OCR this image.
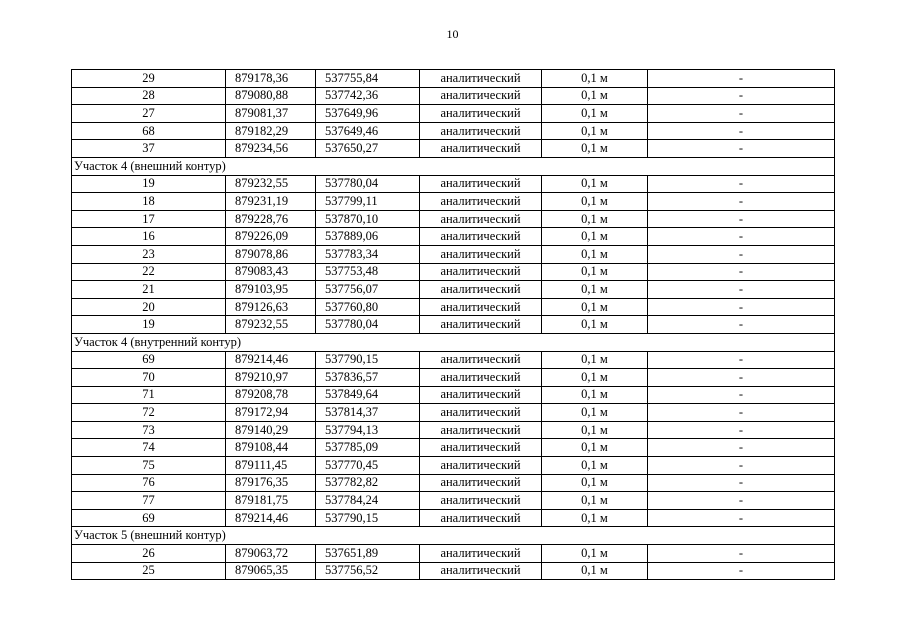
10
29	879178,36	537755,84	аналитический	0,1 м	-
28	879080,88	537742,36	аналитический	0,1 м	-
27	879081,37	537649,96	аналитический	0,1 м	-
68	879182,29	537649,46	аналитический	0,1 м	-
37	879234,56	537650,27	аналитический	0,1 м	-
Участок 4 (внешний контур)					
19	879232,55	537780,04	аналитический	0,1 м	-
18	879231,19	537799,11	аналитический	0,1 м	-
17	879228,76	537870,10	аналитический	0,1 м	-
16	879226,09	537889,06	аналитический	0,1 м	-
23	879078,86	537783,34	аналитический	0,1 м	-
22	879083,43	537753,48	аналитический	0,1 м	-
21	879103,95	537756,07	аналитический	0,1 м	-
20	879126,63	537760,80	аналитический	0,1 м	-
19	879232,55	537780,04	аналитический	0,1 м	-
Участок 4 (внутренний контур)					
69	879214,46	537790,15	аналитический	0,1 м	-
70	879210,97	537836,57	аналитический	0,1 м	-
71	879208,78	537849,64	аналитический	0,1 м	-
72	879172,94	537814,37	аналитический	0,1 м	-
73	879140,29	537794,13	аналитический	0,1 м	-
74	879108,44	537785,09	аналитический	0,1 м	-
75	879111,45	537770,45	аналитический	0,1 м	-
76	879176,35	537782,82	аналитический	0,1 м	-
77	879181,75	537784,24	аналитический	0,1 м	-
69	879214,46	537790,15	аналитический	0,1 м	-
Участок 5 (внешний контур)					
26	879063,72	537651,89	аналитический	0,1 м	-
25	879065,35	537756,52	аналитический	0,1 м	-
